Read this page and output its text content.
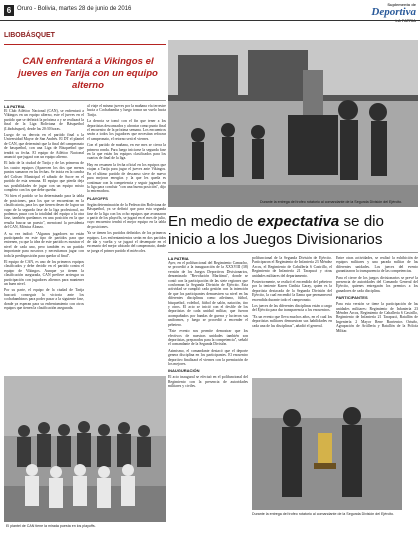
6 Oruro - Bolivia, martes 28 de junio de 2016
Suplemento de
Deportiva
LIBOBÁSQUET
CAN enfrentará a Vikingos el jueves en Tarija con un equipo alterno
LA PATRIA

El Club Atlético Nacional (CAN), se enfrentará a Vikingos en un equipo alterno, este el jueves en el partido que se definirá la próxima a y se realizará la final de la Liga Boliviana de Básquetbol (Libobásquet), desde las 20:30 horas.

Luego de su derrota en el partido final a la Universidad Mayor de San Andrés. El DT el plantel de CAN, que determinó que la final del campeonato de basquetbol, con una Liga de Básquetbol que tendrá su fecha. El equipo de Atlético Nacional anunció que jugará con un equipo alterno.

El lado de la ciudad de Tarija y de las primeras de los cuatro equipos (Aparecen los dos que menos puntos sumaron en las fechas. Se inicia en la cancha del Coliseo Municipal el sábado de Sucre en el partido de esta semana. El equipo que pierda deja sus posibilidades de jugar con un equipo mixto completo con los que debe quedar.

"Si bien el partido se ha determinado para la tabla de posiciones, para los que se encuentran en la clasificatoria, para los que tienen deseo de lograr un cupo de la segunda fase de la liga profesional, no podemos pasar con la totalidad del equipo a la otra fase, también quedamos en una posición en la que resulta buscar un puesto", mencionó la presidenta del CAN, Mónica Alonzo.

A su vez indicó: "Algunos jugadores no están participando en este tipo de partidos para que entrenen, ya que la idea de este partido es mostrar el nivel de cada uno, pero también es un partido importante para nosotros y necesitamos jugar con toda la predisposición para quedar al final".

El equipo de CAN, es uno de los primeros equipos clasificados y debe decidir en el partido contra el equipo de Vikingos. Aunque ya tienen la clasificación asegurada, CAN prefiere arriesgar su participación con jugadores alternos para mantener un buen nivel.

Por su parte, el equipo de la ciudad de Tarija buscará conseguir la victoria ante los cochabambinos para poder pasar a la siguiente fase, donde ya esperan para su enfrentamiento con otros equipos que tienen la clasificación asegurada.

al viaje el mismo jueves por la mañana vía terrestre hacia a Cochabamba y luego tomar un vuelo hacia Tarija.

La derrota se tomó con el fin que tener a los deportistas descansados y afrontar como punto final el encuentro de la próxima semana. Los encuentros serán a todos los jugadores que necesitan reforzar el campeonato, el retorno será el viernes.

Con el partido de mañana, en ese mes se cierra la primera ronda. Para luego iniciarse la segunda fase en la que están los equipos clasificados para los cuartos de final de la liga.

Hay en resumen la fecha oficial en los equipos que viajan a Tarija para jugar el jueves ante Vikingos. En el ultimo partido de descanso sirve de nuevo para mejorar energías y la que les queda es continuar con la competencia y seguir jugando en la liga para concluir "con una buena posición", dijo la entrenadora.

PLAYOFFS

Según determinación de la Federación Boliviana de Básquetbol, ya se definió que para esta segunda fase de la liga con los ocho equipos que avanzaron a partir de los playoffs, se jugará en el mes de julio, cuyo encuentro tendrá el mejor equipo en la tabla de posiciones.

Ya se tienen los partidos definidos de los primeros equipos. Los enfrentamientos serán en dos partidos de ida y vuelta y se jugará el desempate en el escenario del mejor ubicado del campeonato, donde se juega el primer partido el miércoles.

El plantel de CAN tiene la mirada puesta en los playoffs.
Durante la entrega del trofeo rotatorio al comandante de la Segunda División del Ejército.
En medio de expectativa se dio inicio a los Juegos Divisionarios
LA PATRIA

Ayer, en el polifuncional del Regimiento Camacho, se procedió a la inauguración de la XXXVIII (38) versión de los Juegos Deportivos Divisionarios, denominado "Revolución Marítima", donde se contó con la participación de las siete regiones que conforman la Segunda División de Ejército. Esta actividad se cumplió cada gestión con la intención de que los participantes demuestren su nivel en las diferentes disciplinas como atletismo, fútbol, básquetbol, voleibol, fútbol de salón, natación, tiro y otros. El acto se inició con el desfile de los deportistas de cada unidad militar, que fueron acompañados por bandas de guerra y lucieron sus uniformes, y luego se procedió a encender el pebetero.

"Este evento nos permite demostrar que los efectivos de nuestras unidades también son deportistas, preparados para la competencia", señaló el comandante de la Segunda División.

Asimismo, el comandante destacó que el deporte genera disciplina en los participantes. El encuentro deportivo finalizará el viernes con la premiación de los mejores.

INAUGURACIÓN

El acto inaugural se efectuó en el polifuncional del Regimiento con la presencia de autoridades militares y civiles.

polifuncional de la Segunda División de Ejército. Participaron el Regimiento de Infantería 23 Méndez Arcos, el Regimiento de Caballería 6 Castrillo, el Regimiento de Infantería 21 Tarapacá y otras unidades militares del departamento.

Posteriormente, se realizó el encendido del pebetero por la teniente Karen Cinthia Garay, quien es la deportista destacada de la Segunda División del Ejército, la cual encendió la llama que permanecerá encendida durante todo el campeonato.

Los jueces de las diferentes disciplinas están a cargo del Ejército para dar transparencia a los encuentros.

"Es un evento que lleva muchos años, en el cual los deportistas militares demuestran sus habilidades en cada una de las disciplinas", añadió el general.

Entre otras actividades, se realizó la exhibición de equipos militares y una parada militar de las diferentes unidades. Los jueces del evento garantizaron la transparencia de las competencias.

Para el cierre de los juegos divisionarios se prevé la presencia de autoridades del Comando General del Ejército, quienes entregarán los premios a los ganadores de cada disciplina.

PARTICIPANTES

Para esta versión se tiene la participación de las unidades militares: Regimiento de Infantería 23 Méndez Arcos, Regimiento de Caballería 6 Castrillo, Regimiento de Infantería 21 Tarapacá, Batallón de Ingeniería 2 Mayor Rene Barrientos Ortuño, Agrupación de Artillería y Batallón de la Policía Militar.

Durante la entrega del trofeo rotatorio al comandante de la Segunda División del Ejército.
